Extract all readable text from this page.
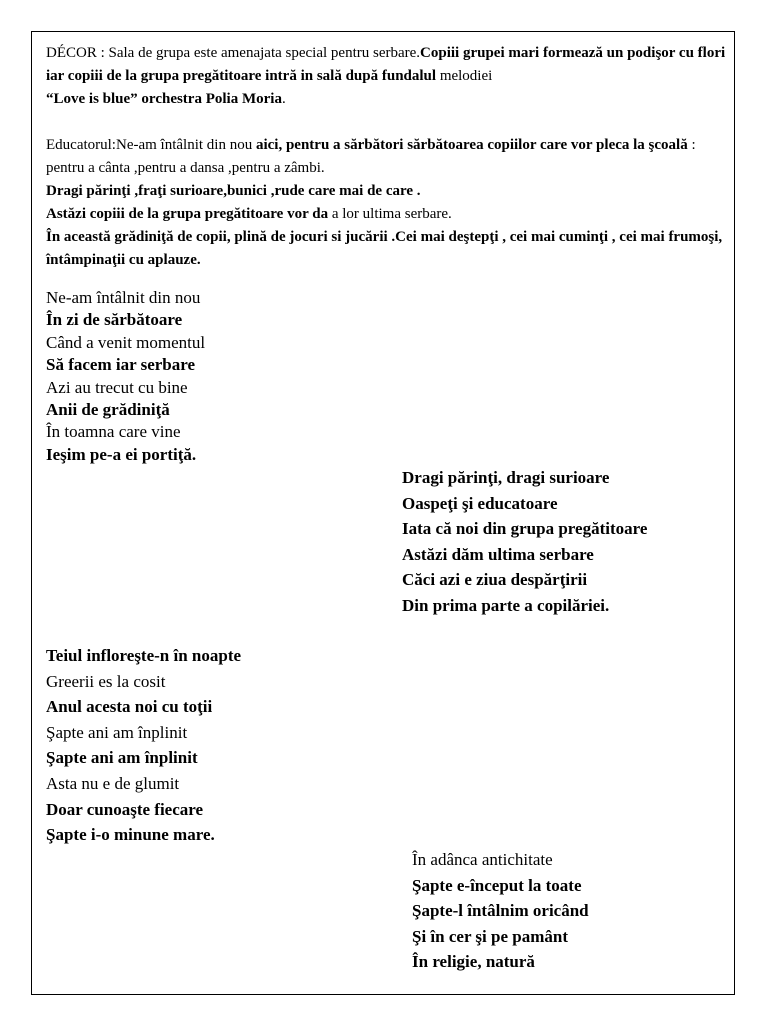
DÉCOR : Sala de grupa este amenajata special pentru serbare.Copiii grupei mari formează un podişor cu flori iar copiii de la grupa pregătitoare intră in sală după fundalul melodiei
“Love is blue” orchestra Polia Moria.

Educatorul:Ne-am întâlnit din nou aici, pentru a sărbători sărbătoarea copiilor care vor pleca la şcoală : pentru a cânta ,pentru a dansa ,pentru a zâmbi.

Dragi părinţi ,fraţi surioare,bunici ,rude care mai de care .

Astăzi copiii de la grupa pregătitoare vor da a lor ultima serbare.

În această grădiniţă de copii, plină de jocuri si jucării .Cei mai deştepţi , cei mai cuminţi , cei mai frumoşi, întâmpinaţii cu aplauze.

Ne-am întâlnit din nou
În zi de sărbătoare
Când a venit momentul
Să facem iar serbare
Azi au trecut cu bine
Anii de grădiniţă
În toamna care vine
Ieşim pe-a ei portiţă.
Dragi părinţi, dragi surioare
Oaspeţi şi educatoare
Iata că noi din grupa pregătitoare
Astăzi dăm ultima serbare
Căci azi e ziua despărţirii
Din prima parte a copilăriei.
Teiul infloreşte-n în noapte
Greerii es la cosit
Anul acesta noi cu toţii
Şapte ani am înplinit
Şapte ani am înplinit
Asta nu e de glumit
Doar cunoaşte fiecare
Şapte i-o minune mare.
În adânca antichitate
Şapte e-început la toate
Şapte-l întâlnim oricând
Şi în cer şi pe pamânt
În religie, natură
